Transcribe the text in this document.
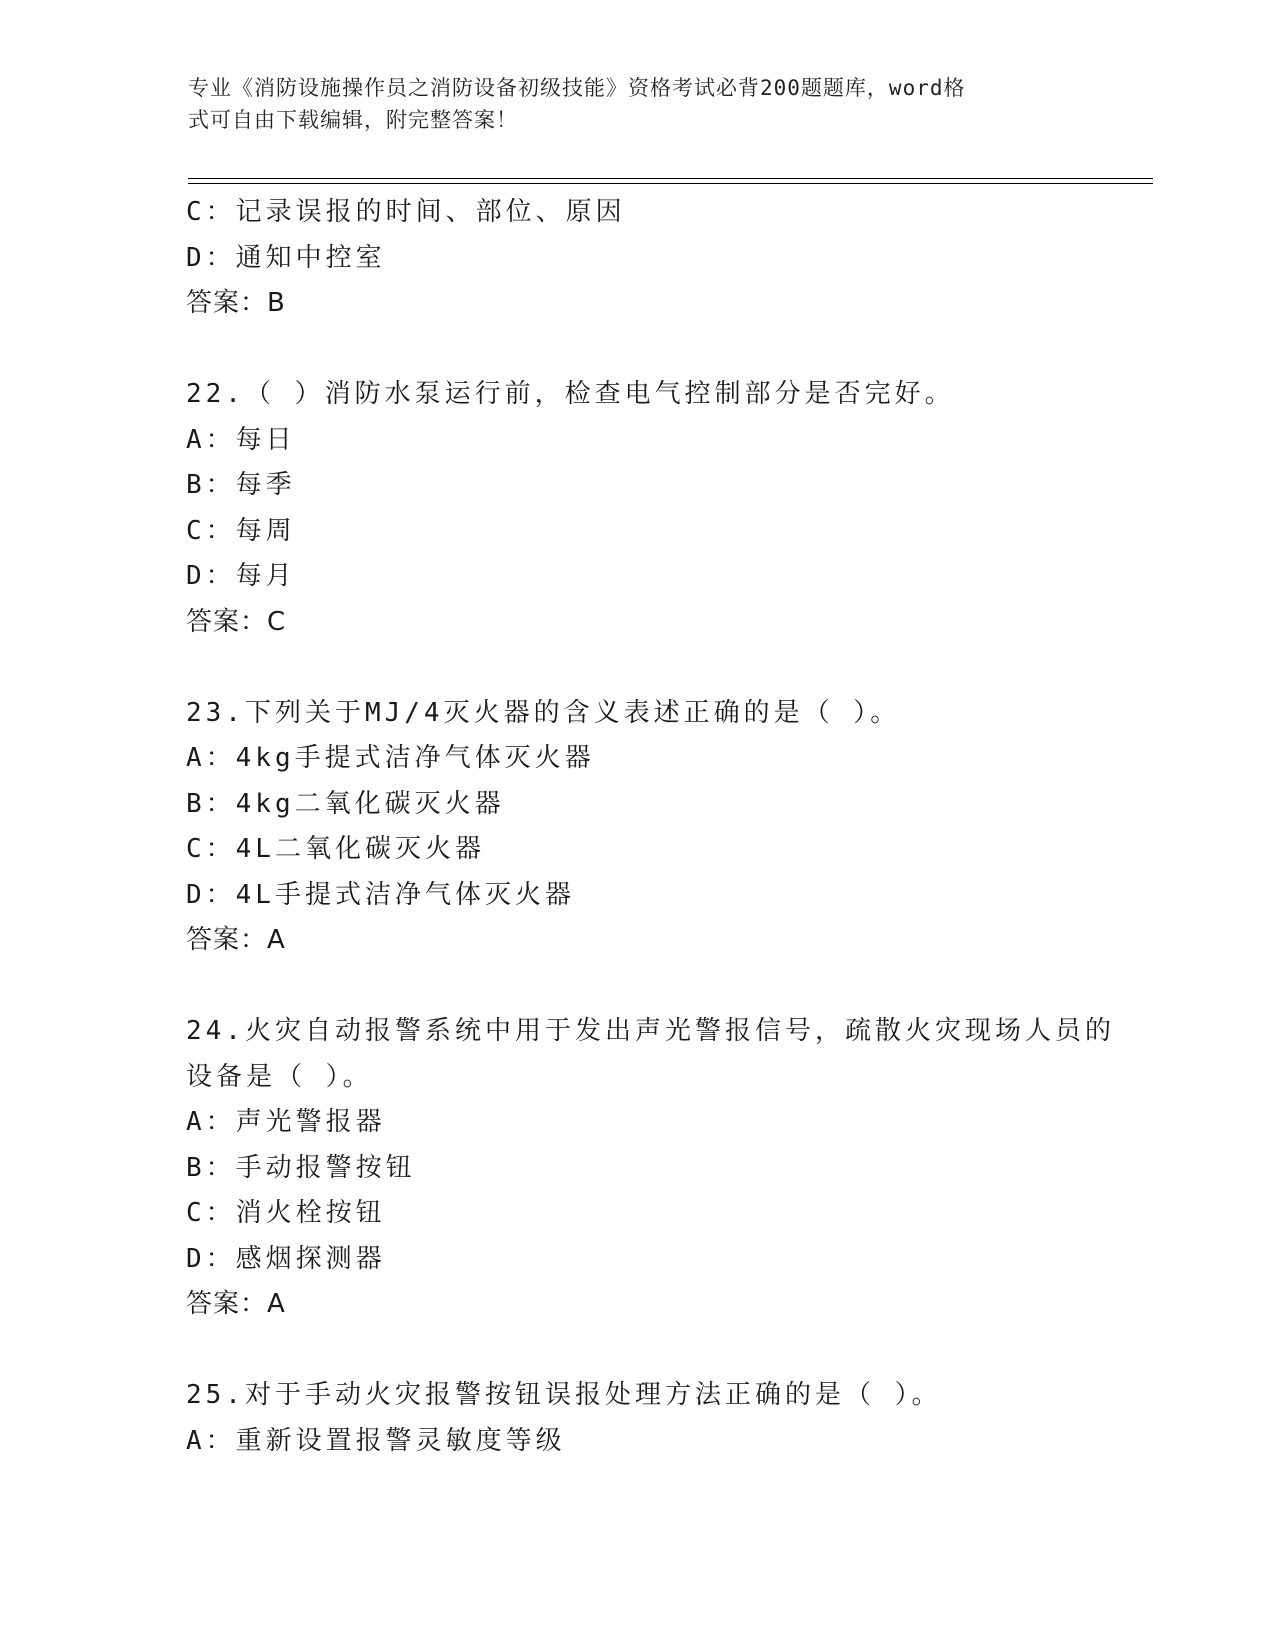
专业《消防设施操作员之消防设备初级技能》资格考试必背200题题库，word格
式可自由下载编辑，附完整答案！
C：记录误报的时间、部位、原因
D：通知中控室
答案：B
22.（ ）消防水泵运行前，检查电气控制部分是否完好。
A：每日
B：每季
C：每周
D：每月
答案：C
23.下列关于MJ/4灭火器的含义表述正确的是（ ）。
A：4kg手提式洁净气体灭火器
B：4kg二氧化碳灭火器
C：4L二氧化碳灭火器
D：4L手提式洁净气体灭火器
答案：A
24.火灾自动报警系统中用于发出声光警报信号，疏散火灾现场人员的
设备是（ ）。
A：声光警报器
B：手动报警按钮
C：消火栓按钮
D：感烟探测器
答案：A
25.对于手动火灾报警按钮误报处理方法正确的是（ ）。
A：重新设置报警灵敏度等级
